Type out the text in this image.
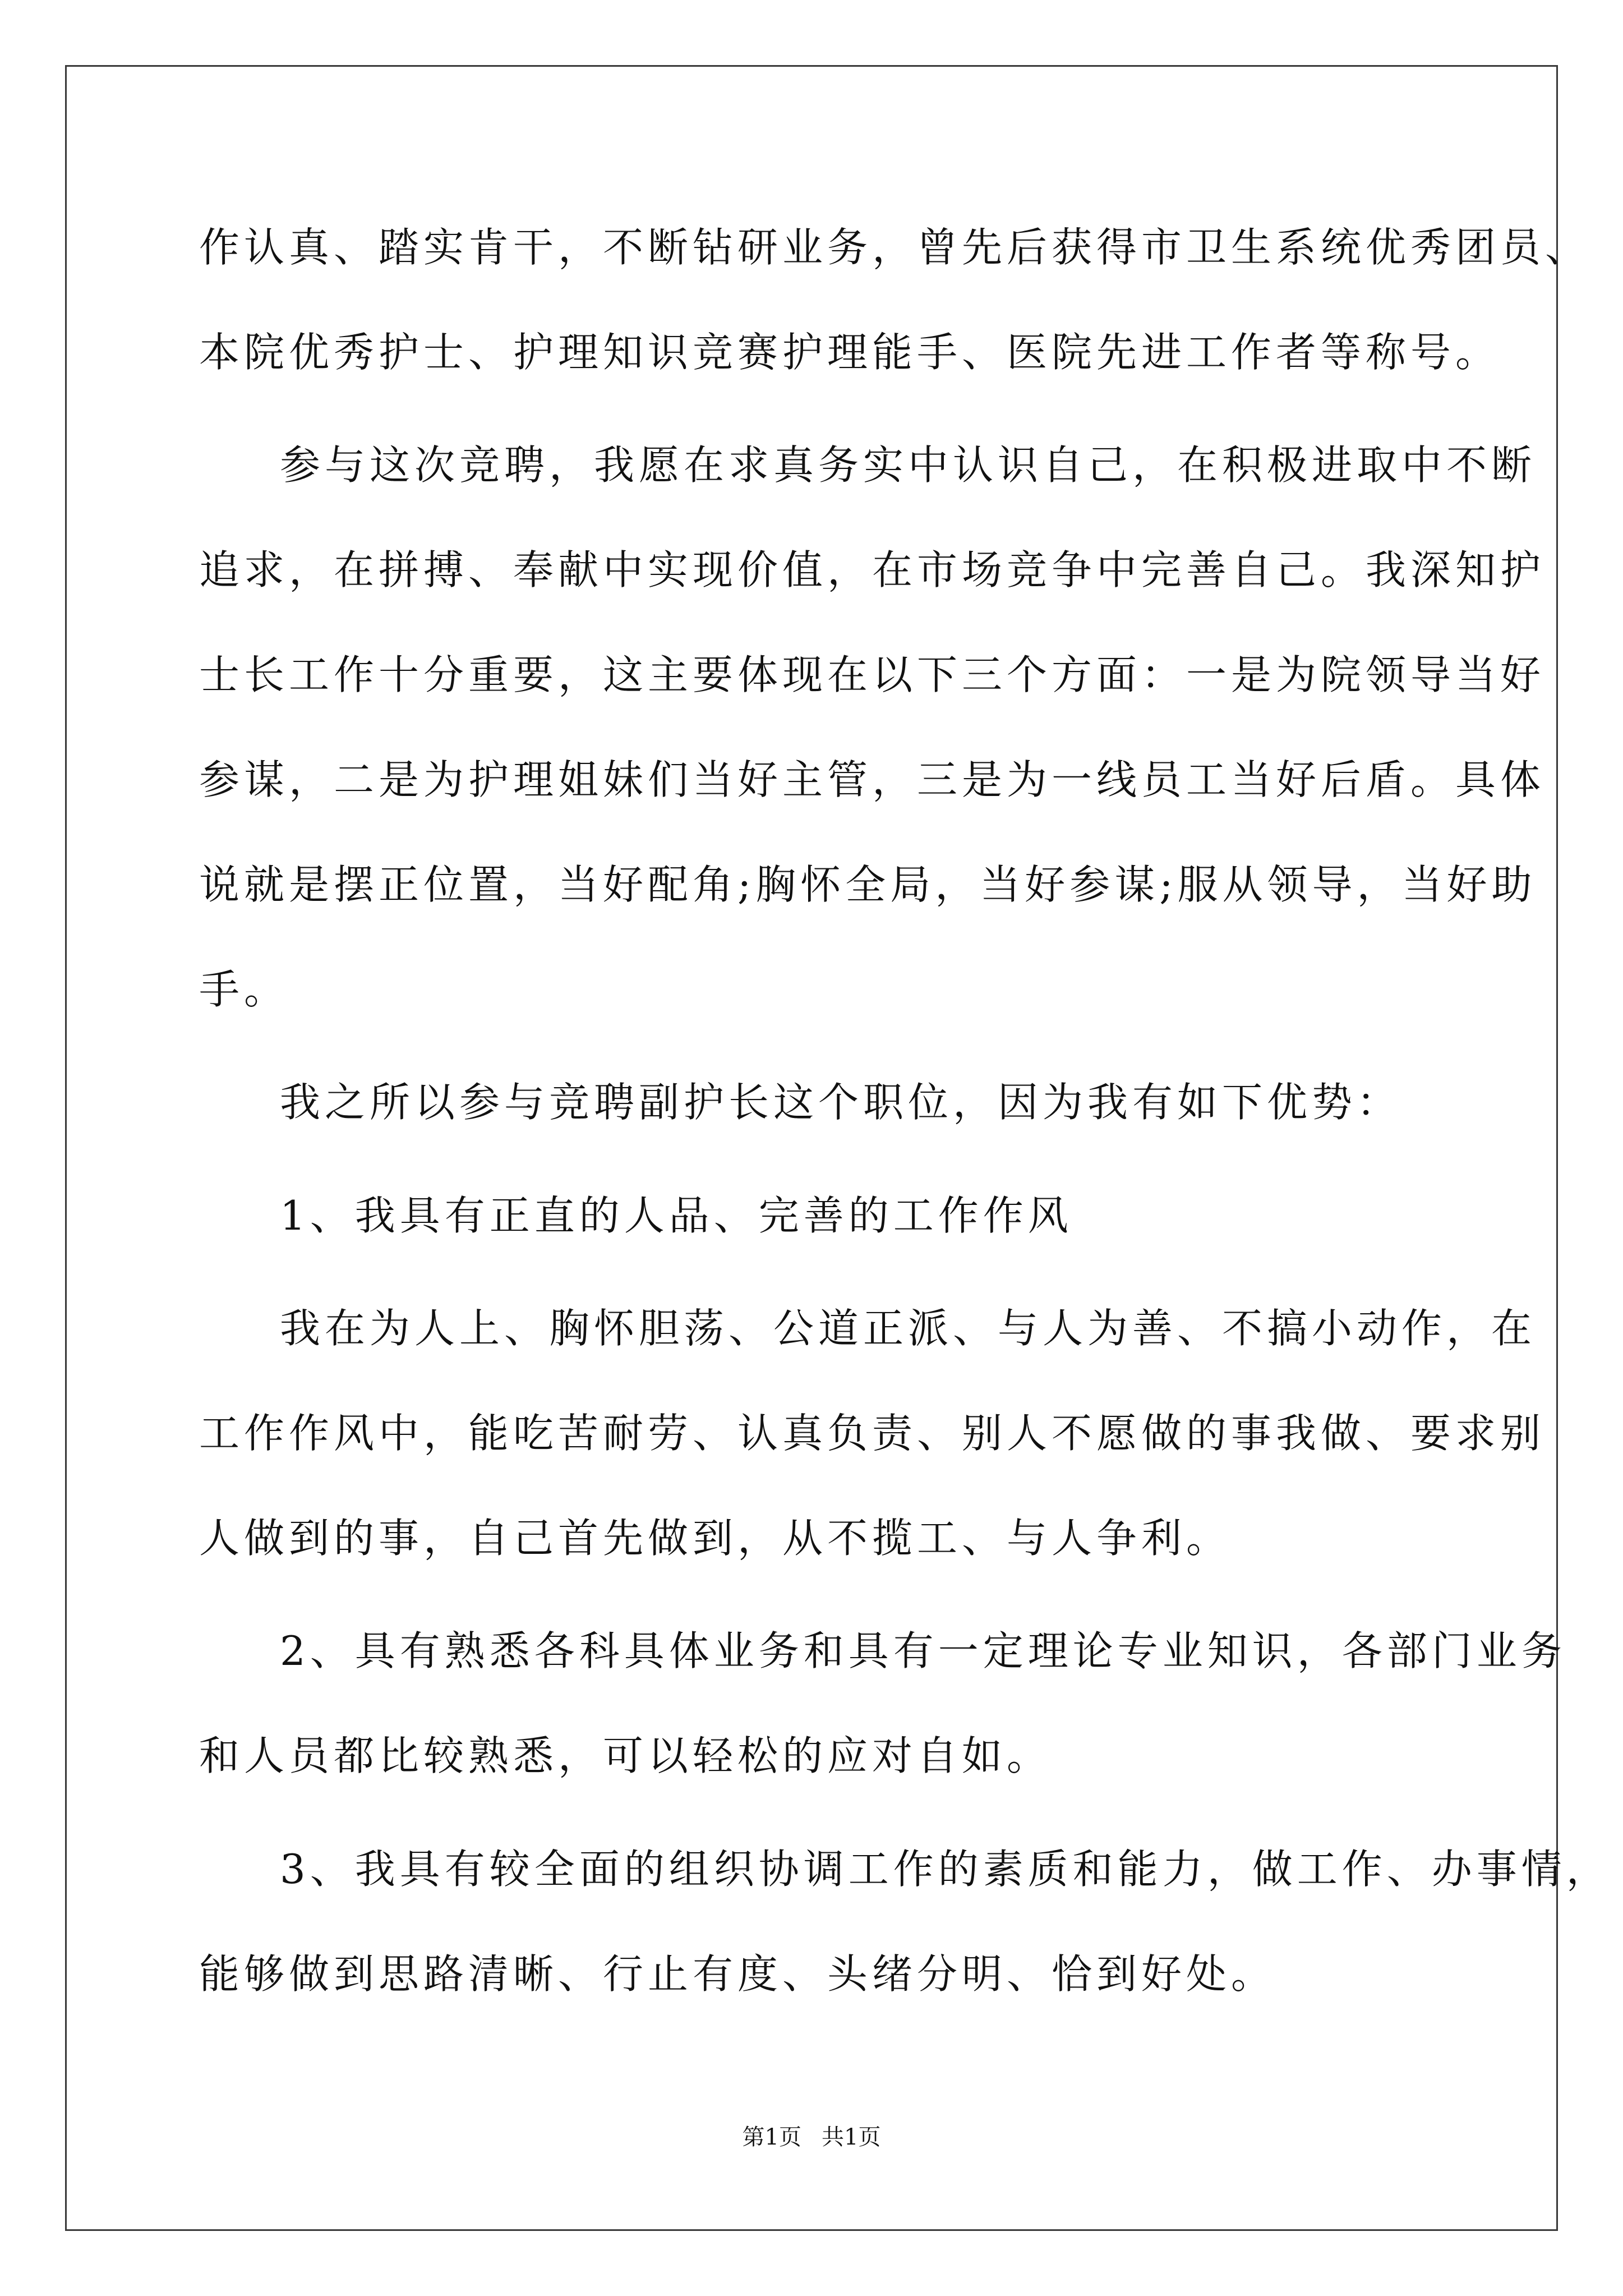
作认真、踏实肯干，不断钻研业务，曾先后获得市卫生系统优秀团员、
本院优秀护士、护理知识竞赛护理能手、医院先进工作者等称号。
参与这次竞聘，我愿在求真务实中认识自己，在积极进取中不断
追求，在拼搏、奉献中实现价值，在市场竞争中完善自己。我深知护
士长工作十分重要，这主要体现在以下三个方面：一是为院领导当好
参谋，二是为护理姐妹们当好主管，三是为一线员工当好后盾。具体
说就是摆正位置，当好配角;胸怀全局，当好参谋;服从领导，当好助
手。
我之所以参与竞聘副护长这个职位，因为我有如下优势：
1、我具有正直的人品、完善的工作作风
我在为人上、胸怀胆荡、公道正派、与人为善、不搞小动作，在
工作作风中，能吃苦耐劳、认真负责、别人不愿做的事我做、要求别
人做到的事，自己首先做到，从不揽工、与人争利。
2、具有熟悉各科具体业务和具有一定理论专业知识，各部门业务
和人员都比较熟悉，可以轻松的应对自如。
3、我具有较全面的组织协调工作的素质和能力，做工作、办事情，
能够做到思路清晰、行止有度、头绪分明、恰到好处。
第1页 共1页
